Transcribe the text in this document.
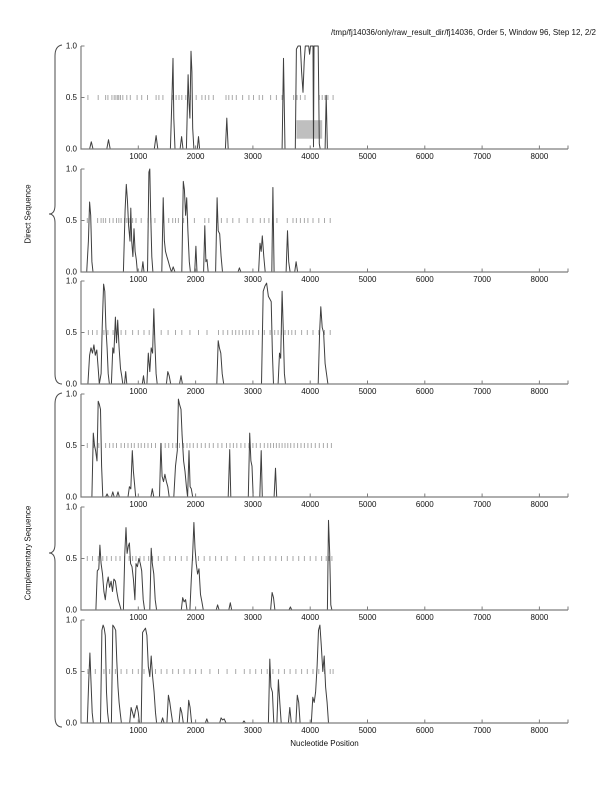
/tmp/fj14036/only/raw_result_dir/fj14036, Order 5, Window 96, Step 12, 2/2
Direct Sequence
Complementary Sequence
Nucleotide Position
1000	2000	3000	4000	5000	6000	7000	8000
0.0
0.5
1.0
1000	2000	3000	4000	5000	6000	7000	8000
0.0
0.5
1.0
1000	2000	3000	4000	5000	6000	7000	8000
0.0
0.5
1.0
1000	2000	3000	4000	5000	6000	7000	8000
0.0
0.5
1.0
1000	2000	3000	4000	5000	6000	7000	8000
0.0
0.5
1.0
1000	2000	3000	4000	5000	6000	7000	8000
0.0
0.5
1.0
